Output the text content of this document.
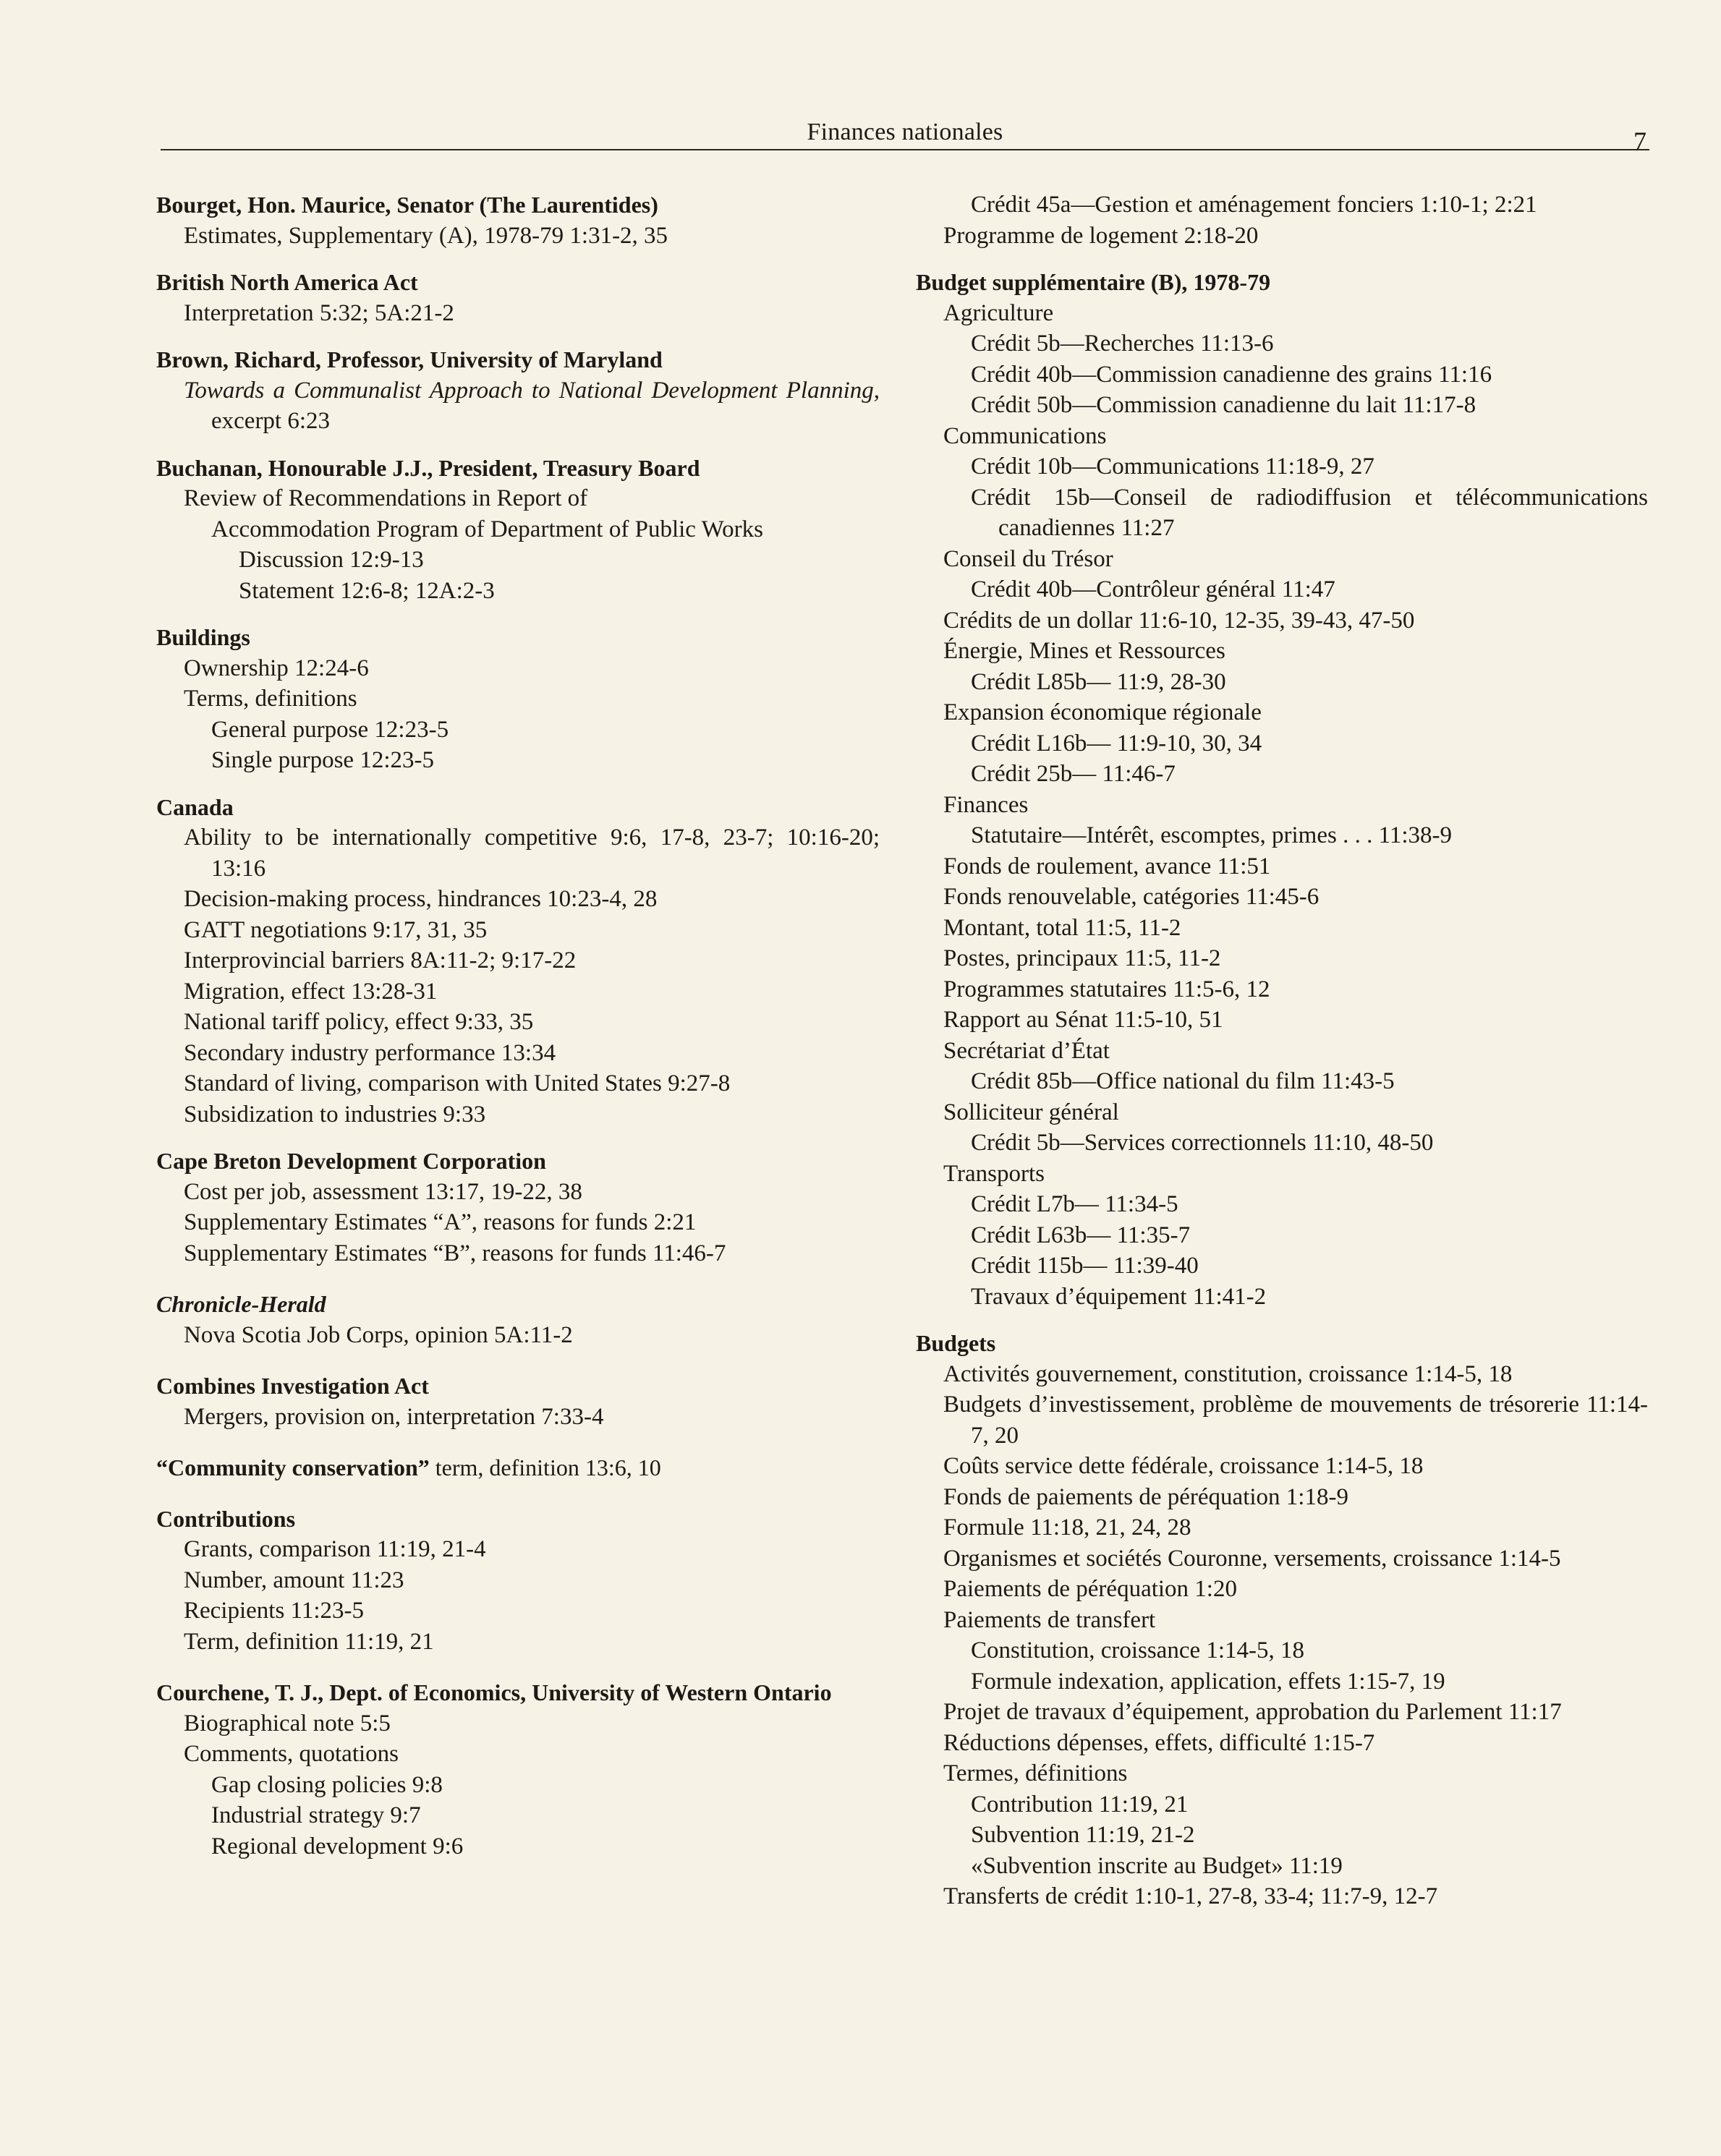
Finances nationales	7
Bourget, Hon. Maurice, Senator (The Laurentides)
Estimates, Supplementary (A), 1978-79 1:31-2, 35
British North America Act
Interpretation 5:32; 5A:21-2
Brown, Richard, Professor, University of Maryland
Towards a Communalist Approach to National Development Planning, excerpt 6:23
Buchanan, Honourable J.J., President, Treasury Board
Review of Recommendations in Report of
Accommodation Program of Department of Public Works
Discussion 12:9-13
Statement 12:6-8; 12A:2-3
Buildings
Ownership 12:24-6
Terms, definitions
General purpose 12:23-5
Single purpose 12:23-5
Canada
Ability to be internationally competitive 9:6, 17-8, 23-7; 10:16-20; 13:16
Decision-making process, hindrances 10:23-4, 28
GATT negotiations 9:17, 31, 35
Interprovincial barriers 8A:11-2; 9:17-22
Migration, effect 13:28-31
National tariff policy, effect 9:33, 35
Secondary industry performance 13:34
Standard of living, comparison with United States 9:27-8
Subsidization to industries 9:33
Cape Breton Development Corporation
Cost per job, assessment 13:17, 19-22, 38
Supplementary Estimates “A”, reasons for funds 2:21
Supplementary Estimates “B”, reasons for funds 11:46-7
Chronicle-Herald
Nova Scotia Job Corps, opinion 5A:11-2
Combines Investigation Act
Mergers, provision on, interpretation 7:33-4
“Community conservation” term, definition 13:6, 10
Contributions
Grants, comparison 11:19, 21-4
Number, amount 11:23
Recipients 11:23-5
Term, definition 11:19, 21
Courchene, T. J., Dept. of Economics, University of Western Ontario
Biographical note 5:5
Comments, quotations
Gap closing policies 9:8
Industrial strategy 9:7
Regional development 9:6
Crédit 45a—Gestion et aménagement fonciers 1:10-1; 2:21
Programme de logement 2:18-20
Budget supplémentaire (B), 1978-79
Agriculture
Crédit 5b—Recherches 11:13-6
Crédit 40b—Commission canadienne des grains 11:16
Crédit 50b—Commission canadienne du lait 11:17-8
Communications
Crédit 10b—Communications 11:18-9, 27
Crédit 15b—Conseil de radiodiffusion et télécommunications canadiennes 11:27
Conseil du Trésor
Crédit 40b—Contrôleur général 11:47
Crédits de un dollar 11:6-10, 12-35, 39-43, 47-50
Énergie, Mines et Ressources
Crédit L85b— 11:9, 28-30
Expansion économique régionale
Crédit L16b— 11:9-10, 30, 34
Crédit 25b— 11:46-7
Finances
Statutaire—Intérêt, escomptes, primes . . . 11:38-9
Fonds de roulement, avance 11:51
Fonds renouvelable, catégories 11:45-6
Montant, total 11:5, 11-2
Postes, principaux 11:5, 11-2
Programmes statutaires 11:5-6, 12
Rapport au Sénat 11:5-10, 51
Secrétariat d’État
Crédit 85b—Office national du film 11:43-5
Solliciteur général
Crédit 5b—Services correctionnels 11:10, 48-50
Transports
Crédit L7b— 11:34-5
Crédit L63b— 11:35-7
Crédit 115b— 11:39-40
Travaux d’équipement 11:41-2
Budgets
Activités gouvernement, constitution, croissance 1:14-5, 18
Budgets d’investissement, problème de mouvements de trésorerie 11:14-7, 20
Coûts service dette fédérale, croissance 1:14-5, 18
Fonds de paiements de péréquation 1:18-9
Formule 11:18, 21, 24, 28
Organismes et sociétés Couronne, versements, croissance 1:14-5
Paiements de péréquation 1:20
Paiements de transfert
Constitution, croissance 1:14-5, 18
Formule indexation, application, effets 1:15-7, 19
Projet de travaux d’équipement, approbation du Parlement 11:17
Réductions dépenses, effets, difficulté 1:15-7
Termes, définitions
Contribution 11:19, 21
Subvention 11:19, 21-2
«Subvention inscrite au Budget» 11:19
Transferts de crédit 1:10-1, 27-8, 33-4; 11:7-9, 12-7
